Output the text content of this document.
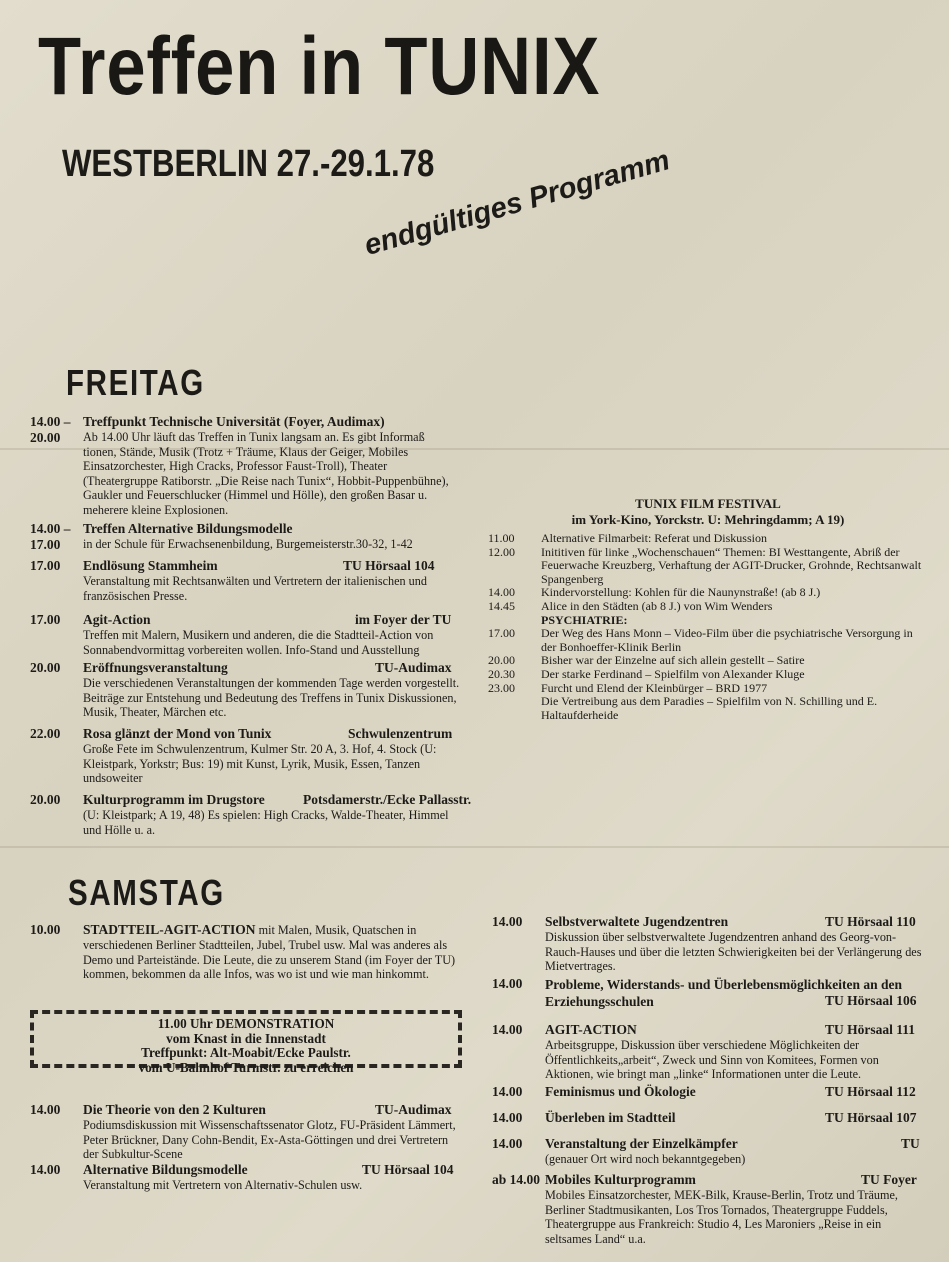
Treffen in TUNIX
WESTBERLIN 27.-29.1.78
endgültiges Programm
FREITAG
14.00 –
20.00
Treffpunkt Technische Universität (Foyer, Audimax)
Ab 14.00 Uhr läuft das Treffen in Tunix langsam an. Es gibt Informaß tionen, Stände, Musik (Trotz + Träume, Klaus der Geiger, Mobiles Einsatzorchester, High Cracks, Professor Faust-Troll), Theater (Theatergruppe Ratiborstr. „Die Reise nach Tunix“, Hobbit-Puppenbühne), Gaukler und Feuerschlucker (Himmel und Hölle), den großen Basar u. meherere kleine Explosionen.
14.00 –
17.00
Treffen Alternative Bildungsmodelle
in der Schule für Erwachsenenbildung, Burgemeisterstr.30-32, 1-42
17.00 Endlösung Stammheim	TU Hörsaal 104
Veranstaltung mit Rechtsanwälten und Vertretern der italienischen und französischen Presse.
17.00 Agit-Action	im Foyer der TU
Treffen mit Malern, Musikern und anderen, die die Stadtteil-Action von Sonnabendvormittag vorbereiten wollen. Info-Stand und Ausstellung
20.00 Eröffnungsveranstaltung	TU-Audimax
Die verschiedenen Veranstaltungen der kommenden Tage werden vorgestellt. Beiträge zur Entstehung und Bedeutung des Treffens in Tunix Diskussionen, Musik, Theater, Märchen etc.
22.00 Rosa glänzt der Mond von Tunix	Schwulenzentrum
Große Fete im Schwulenzentrum, Kulmer Str. 20 A, 3. Hof, 4. Stock (U: Kleistpark, Yorkstr; Bus: 19) mit Kunst, Lyrik, Musik, Essen, Tanzen undsoweiter
20.00 Kulturprogramm im Drugstore	Potsdamerstr./Ecke Pallasstr.
(U: Kleistpark; A 19, 48) Es spielen: High Cracks, Walde-Theater, Himmel und Hölle u. a.
TUNIX FILM FESTIVAL
im York-Kino, Yorckstr. U: Mehringdamm; A 19)
11.00 Alternative Filmarbeit: Referat und Diskussion
12.00 Inititiven für linke „Wochenschauen“ Themen: BI Westtangente, Abriß der Feuerwache Kreuzberg, Verhaftung der AGIT-Drucker, Grohnde, Rechtsanwalt Spangenberg
14.00 Kindervorstellung: Kohlen für die Naunynstraße! (ab 8 J.)
14.45 Alice in den Städten (ab 8 J.) von Wim Wenders
PSYCHIATRIE:
17.00 Der Weg des Hans Monn – Video-Film über die psychiatrische Versorgung in der Bonhoeffer-Klinik Berlin
20.00 Bisher war der Einzelne auf sich allein gestellt – Satire
20.30 Der starke Ferdinand – Spielfilm von Alexander Kluge
23.00 Furcht und Elend der Kleinbürger – BRD 1977
Die Vertreibung aus dem Paradies – Spielfilm von N. Schilling und E. Haltaufderheide
SAMSTAG
10.00 STADTTEIL-AGIT-ACTION mit Malen, Musik, Quatschen in verschiedenen Berliner Stadtteilen, Jubel, Trubel usw. Mal was anderes als Demo und Parteistände. Die Leute, die zu unserem Stand (im Foyer der TU) kommen, bekommen da alle Infos, was wo ist und wie man hinkommt.
11.00 Uhr DEMONSTRATION
vom Knast in die Innenstadt
Treffpunkt: Alt-Moabit/Ecke Paulstr.
vom U-Bahnhof Turmstr. zu erreichen
14.00 Die Theorie von den 2 Kulturen	TU-Audimax
Podiumsdiskussion mit Wissenschaftssenator Glotz, FU-Präsident Lämmert, Peter Brückner, Dany Cohn-Bendit, Ex-Asta-Göttingen und drei Vertretern der Subkultur-Scene
14.00 Alternative Bildungsmodelle	TU Hörsaal 104
Veranstaltung mit Vertretern von Alternativ-Schulen usw.
14.00 Selbstverwaltete Jugendzentren	TU Hörsaal 110
Diskussion über selbstverwaltete Jugendzentren anhand des Georg-von-Rauch-Hauses und über die letzten Schwierigkeiten bei der Verlängerung des Mietvertrages.
14.00 Probleme, Widerstands- und Überlebensmöglichkeiten an den Erziehungsschulen	TU Hörsaal 106
14.00 AGIT-ACTION	TU Hörsaal 111
Arbeitsgruppe, Diskussion über verschiedene Möglichkeiten der Öffentlichkeits„arbeit“, Zweck und Sinn von Komitees, Formen von Aktionen, wie bringt man „linke“ Informationen unter die Leute.
14.00 Feminismus und Ökologie	TU Hörsaal 112
14.00 Überleben im Stadtteil	TU Hörsaal 107
14.00 Veranstaltung der Einzelkämpfer	TU
(genauer Ort wird noch bekanntgegeben)
ab 14.00 Mobiles Kulturprogramm	TU Foyer
Mobiles Einsatzorchester, MEK-Bilk, Krause-Berlin, Trotz und Träume, Berliner Stadtmusikanten, Los Tros Tornados, Theatergruppe Fuddels, Theatergruppe aus Frankreich: Studio 4, Les Maroniers „Reise in ein seltsames Land“ u.a.
